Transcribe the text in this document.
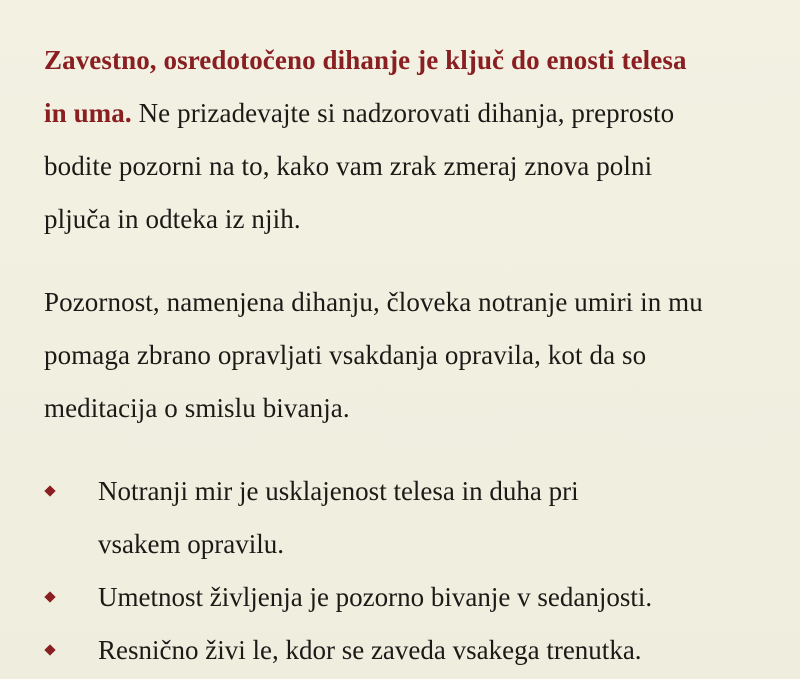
Zavestno, osredotočeno dihanje je ključ do enosti telesa in uma. Ne prizadevajte si nadzorovati dihanja, preprosto bodite pozorni na to, kako vam zrak zmeraj znova polni pljuča in odteka iz njih.

Pozornost, namenjena dihanju, človeka notranje umiri in mu pomaga zbrano opravljati vsakdanja opravila, kot da so meditacija o smislu bivanja.

Notranji mir je usklajenost telesa in duha pri vsakem opravilu.
Umetnost življenja je pozorno bivanje v sedanjosti.
Resnično živi le, kdor se zaveda vsakega trenutka.
